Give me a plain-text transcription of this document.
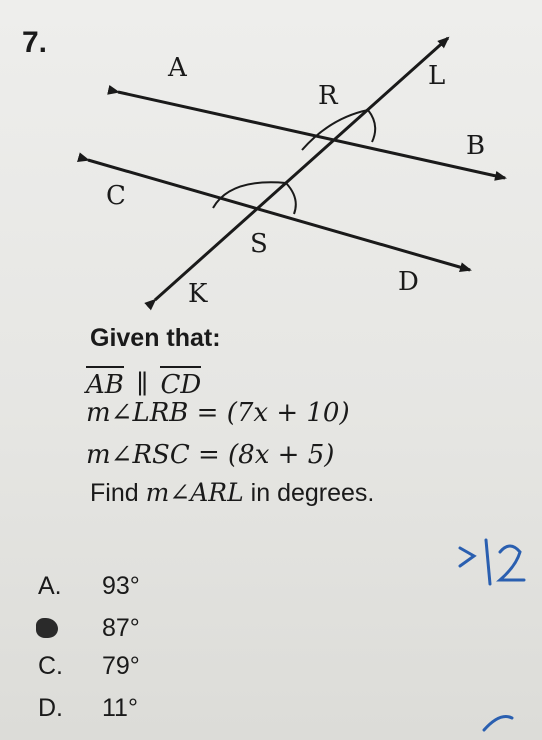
7.
A
R
L
B
C
S
K	D
Given that:
AB ∥ CD
m∠LRB = (7x + 10)
m∠RSC = (8x + 5)
Find m∠ARL in degrees.
A.	93°
87°
C.	79°
D.	11°
